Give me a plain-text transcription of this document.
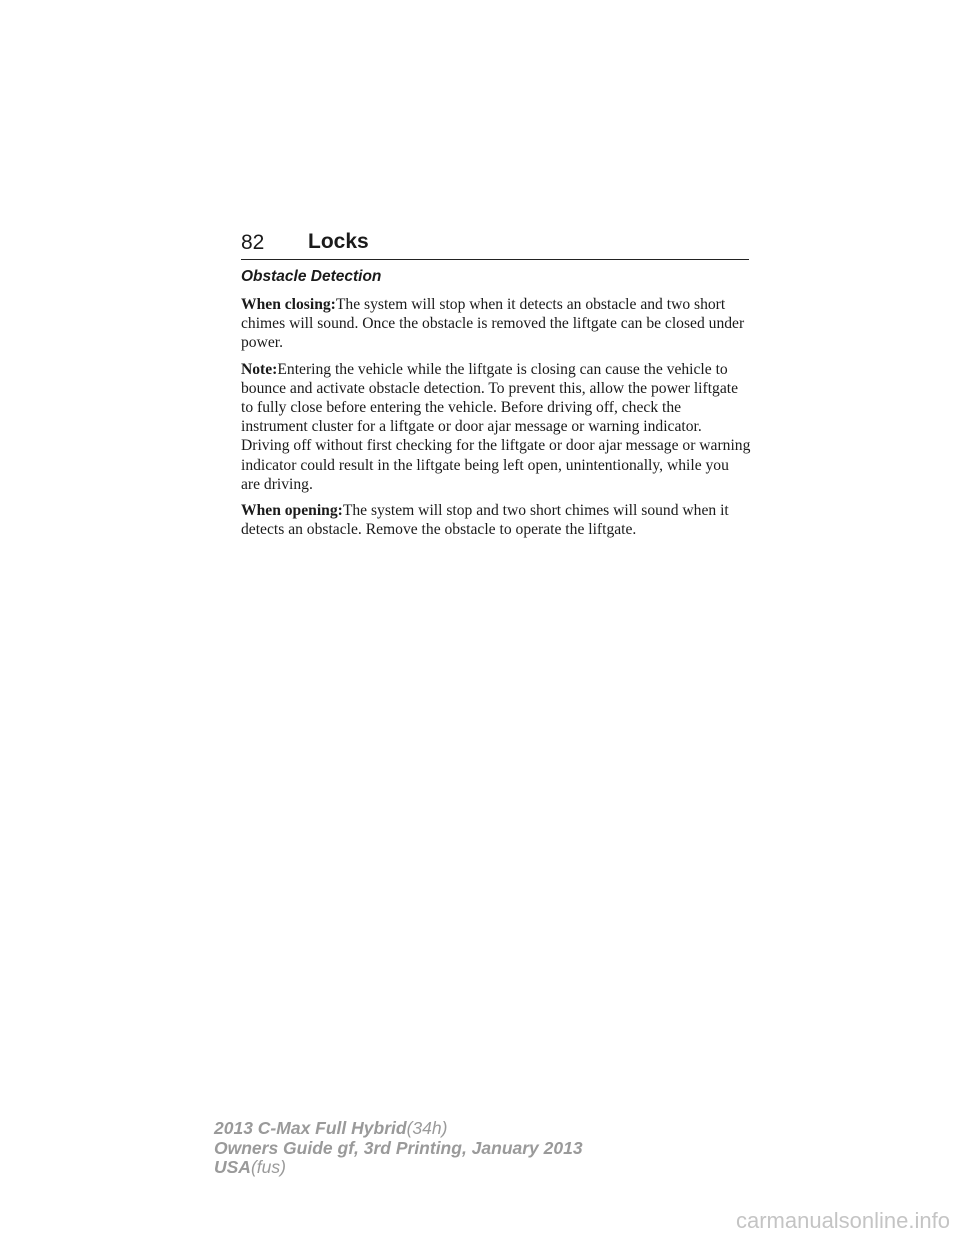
82 Locks
Obstacle Detection

When closing:The system will stop when it detects an obstacle and two short chimes will sound. Once the obstacle is removed the liftgate can be closed under power.

Note:Entering the vehicle while the liftgate is closing can cause the vehicle to bounce and activate obstacle detection. To prevent this, allow the power liftgate to fully close before entering the vehicle. Before driving off, check the instrument cluster for a liftgate or door ajar message or warning indicator. Driving off without first checking for the liftgate or door ajar message or warning indicator could result in the liftgate being left open, unintentionally, while you are driving.

When opening:The system will stop and two short chimes will sound when it detects an obstacle. Remove the obstacle to operate the liftgate.

2013 C-Max Full Hybrid(34h)
Owners Guide gf, 3rd Printing, January 2013
USA(fus)
carmanualsonline.info
